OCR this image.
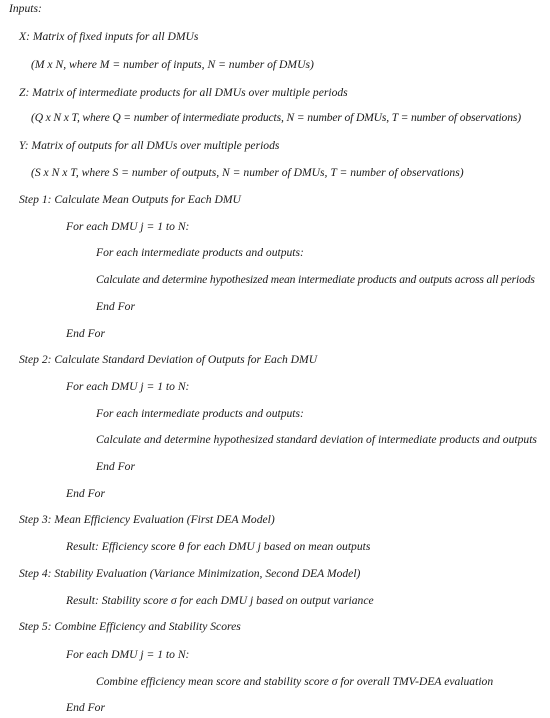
Inputs:
X: Matrix of fixed inputs for all DMUs
(M x N, where M = number of inputs, N = number of DMUs)
Z: Matrix of intermediate products for all DMUs over multiple periods
(Q x N x T, where Q = number of intermediate products, N = number of DMUs, T = number of observations)
Y: Matrix of outputs for all DMUs over multiple periods
(S x N x T, where S = number of outputs, N = number of DMUs, T = number of observations)
Step 1: Calculate Mean Outputs for Each DMU
For each DMU j = 1 to N:
For each intermediate products and outputs:
Calculate and determine hypothesized mean intermediate products and outputs across all periods
End For
End For
Step 2: Calculate Standard Deviation of Outputs for Each DMU
For each DMU j = 1 to N:
For each intermediate products and outputs:
Calculate and determine hypothesized standard deviation of intermediate products and outputs
End For
End For
Step 3: Mean Efficiency Evaluation (First DEA Model)
Result: Efficiency score θ for each DMU j based on mean outputs
Step 4: Stability Evaluation (Variance Minimization, Second DEA Model)
Result: Stability score σ for each DMU j based on output variance
Step 5: Combine Efficiency and Stability Scores
For each DMU j = 1 to N:
Combine efficiency mean score and stability score σ for overall TMV-DEA evaluation
End For
